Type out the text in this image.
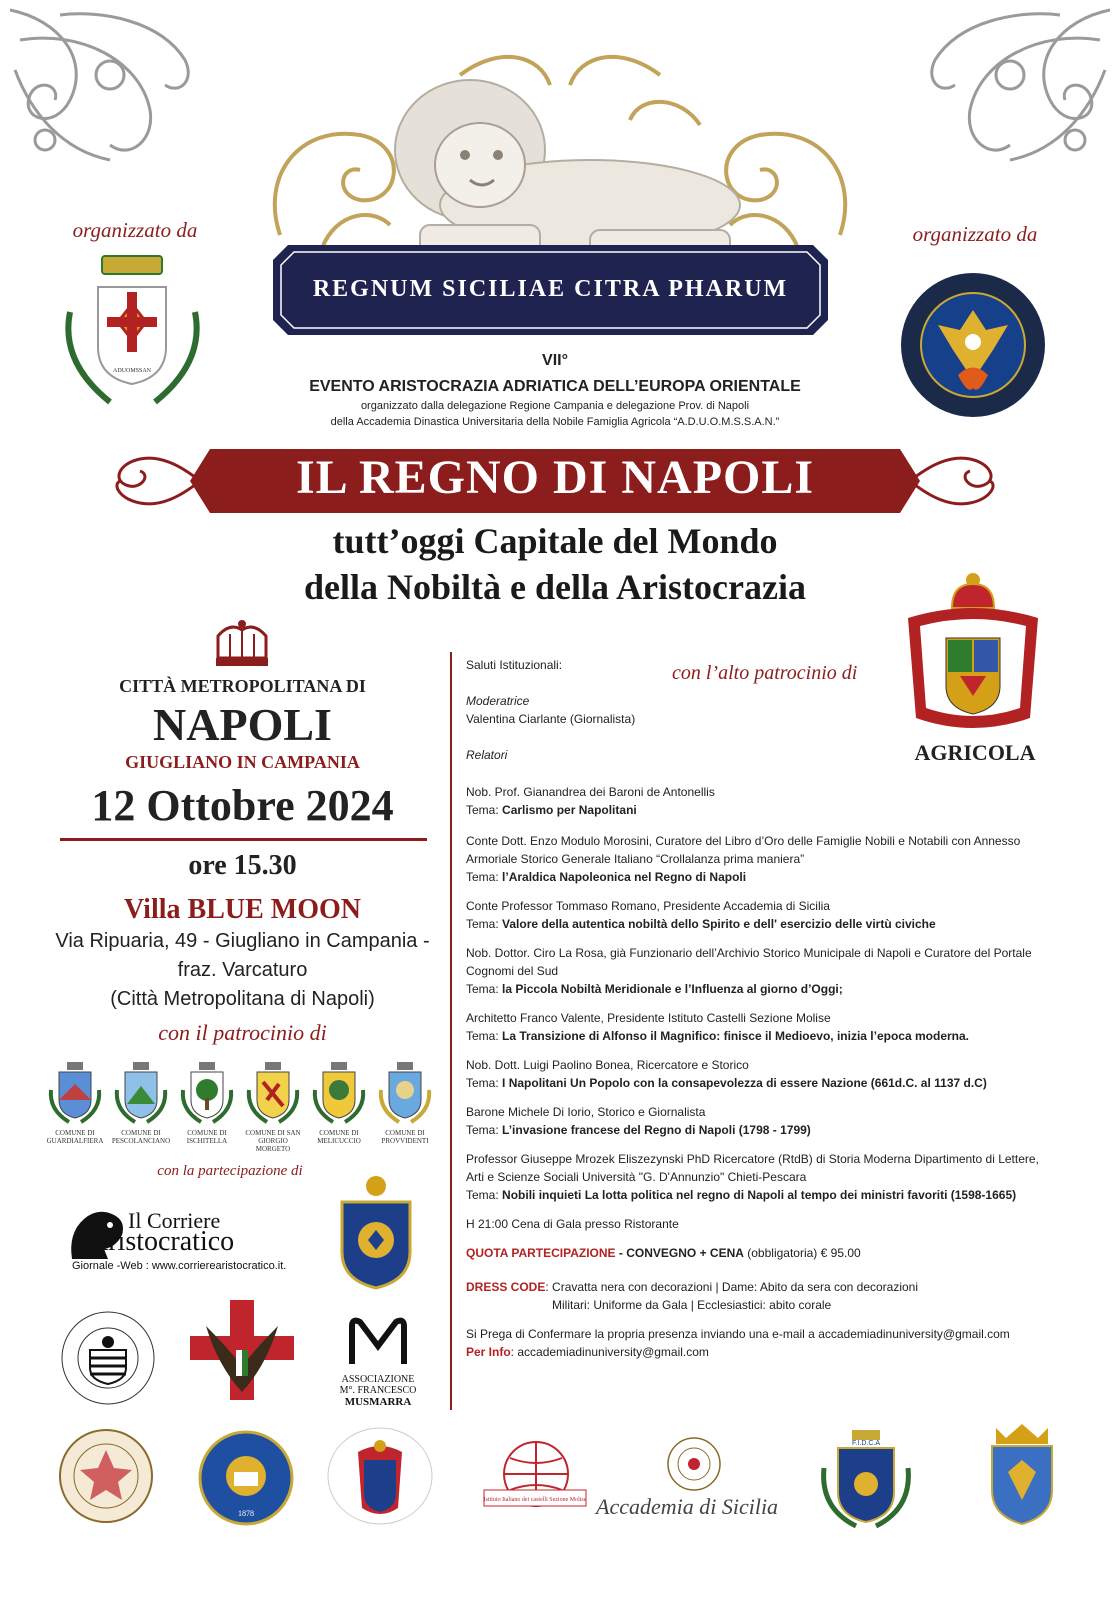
REGNUM SICILIAE CITRA PHARUM
organizzato da
ADUOMSSAN
organizzato da
VII°
EVENTO ARISTOCRAZIA ADRIATICA DELL’EUROPA ORIENTALE
organizzato dalla delegazione Regione Campania e delegazione Prov. di Napoli
della Accademia Dinastica Universitaria della Nobile Famiglia Agricola “A.D.U.O.M.S.S.A.N.”
IL REGNO DI NAPOLI
tutt’oggi Capitale del Mondo
della Nobiltà e della Aristocrazia
CITTÀ METROPOLITANA DI
NAPOLI
GIUGLIANO IN CAMPANIA
12 Ottobre 2024
ore 15.30
Villa BLUE MOON
Via Ripuaria, 49 - Giugliano in Campania -
fraz. Varcaturo
(Città Metropolitana di Napoli)
con il patrocinio di
COMUNE DI GUARDIALFIERA
COMUNE DI PESCOLANCIANO
COMUNE DI ISCHITELLA
COMUNE DI SAN GIORGIO MORGETO
COMUNE DI MELICUCCIO
COMUNE DI PROVVIDENTI
con la partecipazione di
Il Corriere
Aristocratico
Giornale -Web : www.corrierearistocratico.it.
ASSOCIAZIONE
M°. FRANCESCO
MUSMARRA
con l’alto patrocinio di
AGRICOLA

Saluti Istituzionali:

Moderatrice

Valentina Ciarlante (Giornalista)

Relatori

Nob. Prof. Gianandrea dei Baroni de Antonellis

Tema: Carlismo per Napolitani

Conte Dott. Enzo Modulo Morosini, Curatore del Libro d’Oro delle Famiglie Nobili e Notabili con Annesso Armoriale Storico Generale Italiano “Crollalanza prima maniera”

Tema: l’Araldica Napoleonica nel Regno di Napoli

Conte Professor Tommaso Romano, Presidente Accademia di Sicilia

Tema: Valore della autentica nobiltà dello Spirito e dell' esercizio delle virtù civiche

Nob. Dottor. Ciro La Rosa, già Funzionario dell’Archivio Storico Municipale di Napoli e Curatore del Portale Cognomi del Sud

Tema: la Piccola Nobiltà Meridionale e l’Influenza al giorno d’Oggi;

Architetto Franco Valente, Presidente Istituto Castelli Sezione Molise

Tema: La Transizione di Alfonso il Magnifico: finisce il Medioevo, inizia l’epoca moderna.

Nob. Dott. Luigi Paolino Bonea, Ricercatore e Storico

Tema: I Napolitani Un Popolo con la consapevolezza di essere Nazione (661d.C. al 1137 d.C)

Barone Michele Di Iorio, Storico e Giornalista

Tema: L’invasione francese del Regno di Napoli (1798 - 1799)

Professor Giuseppe Mrozek Eliszezynski PhD Ricercatore (RtdB) di Storia Moderna Dipartimento di Lettere, Arti e Scienze Sociali Università "G. D'Annunzio" Chieti-Pescara

Tema: Nobili inquieti La lotta politica nel regno di Napoli al tempo dei ministri favoriti (1598-1665)

H 21:00 Cena di Gala presso Ristorante

QUOTA PARTECIPAZIONE - CONVEGNO + CENA (obbligatoria) € 95.00

DRESS CODE: Cravatta nera con decorazioni | Dame: Abito da sera con decorazioni

Militari: Uniforme da Gala | Ecclesiastici: abito corale

Si Prega di Confermare la propria presenza inviando una e-mail a accademiadinuniversity@gmail.com

Per Info: accademiadinuniversity@gmail.com

1878
Istituto Italiano dei castelli Sezione Molise Accademia di Sicilia
F.I.D.C.A
